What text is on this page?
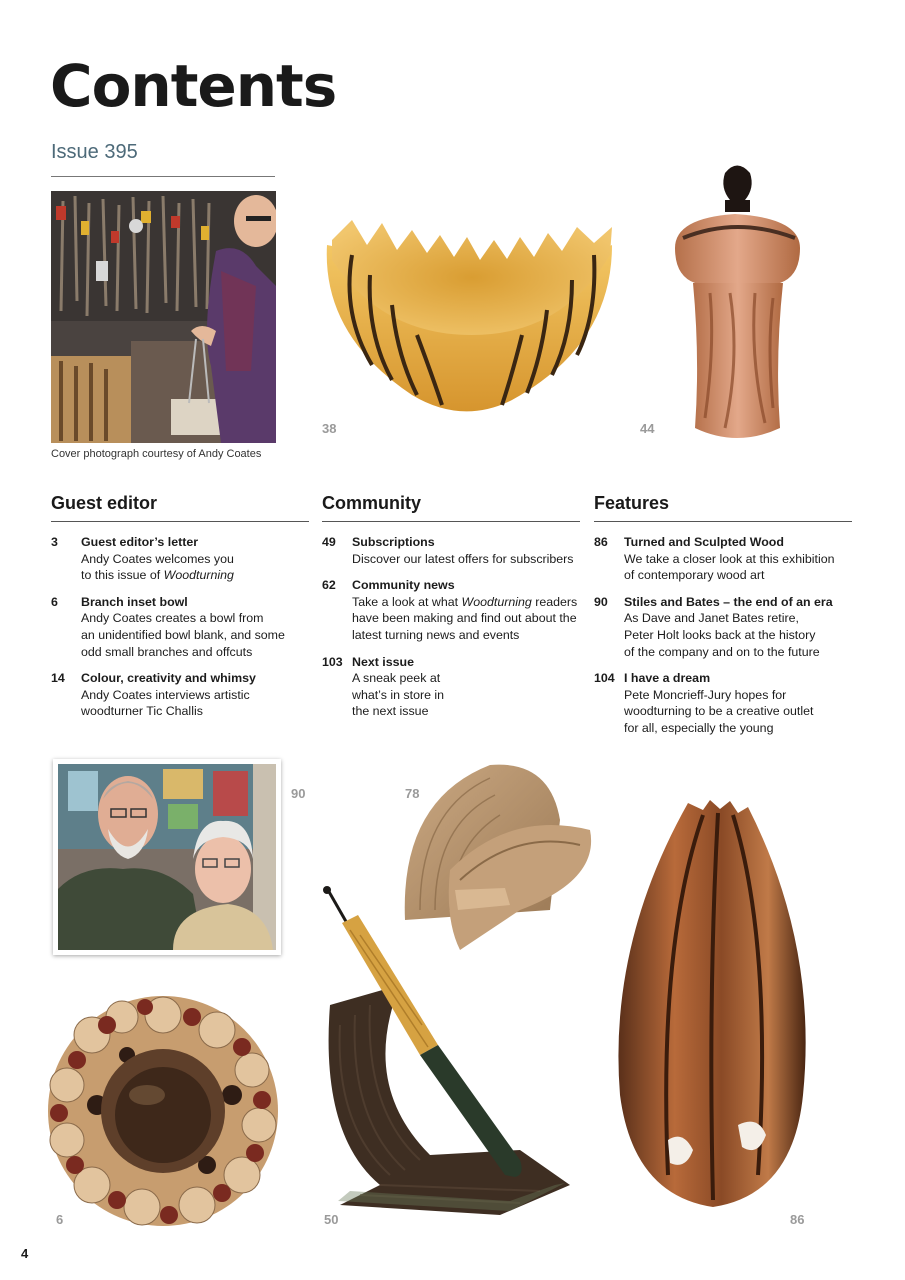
Contents
Issue 395
Cover photograph courtesy of Andy Coates
38	44
Guest editor
3	Guest editor’s letter
Andy Coates welcomes you
to this issue of Woodturning
6	Branch inset bowl
Andy Coates creates a bowl from
an unidentified bowl blank, and some
odd small branches and offcuts
14	Colour, creativity and whimsy
Andy Coates interviews artistic
woodturner Tic Challis
Community
49	Subscriptions
Discover our latest offers for subscribers
62	Community news
Take a look at what Woodturning readers
have been making and find out about the
latest turning news and events
103 Next issue
A sneak peek at
what’s in store in
the next issue
Features
86	Turned and Sculpted Wood
We take a closer look at this exhibition
of contemporary wood art
90	Stiles and Bates – the end of an era
As Dave and Janet Bates retire,
Peter Holt looks back at the history
of the company and on to the future
104 I have a dream
Pete Moncrieff-Jury hopes for
woodturning to be a creative outlet
for all, especially the young
90	78
6	50	86
4
